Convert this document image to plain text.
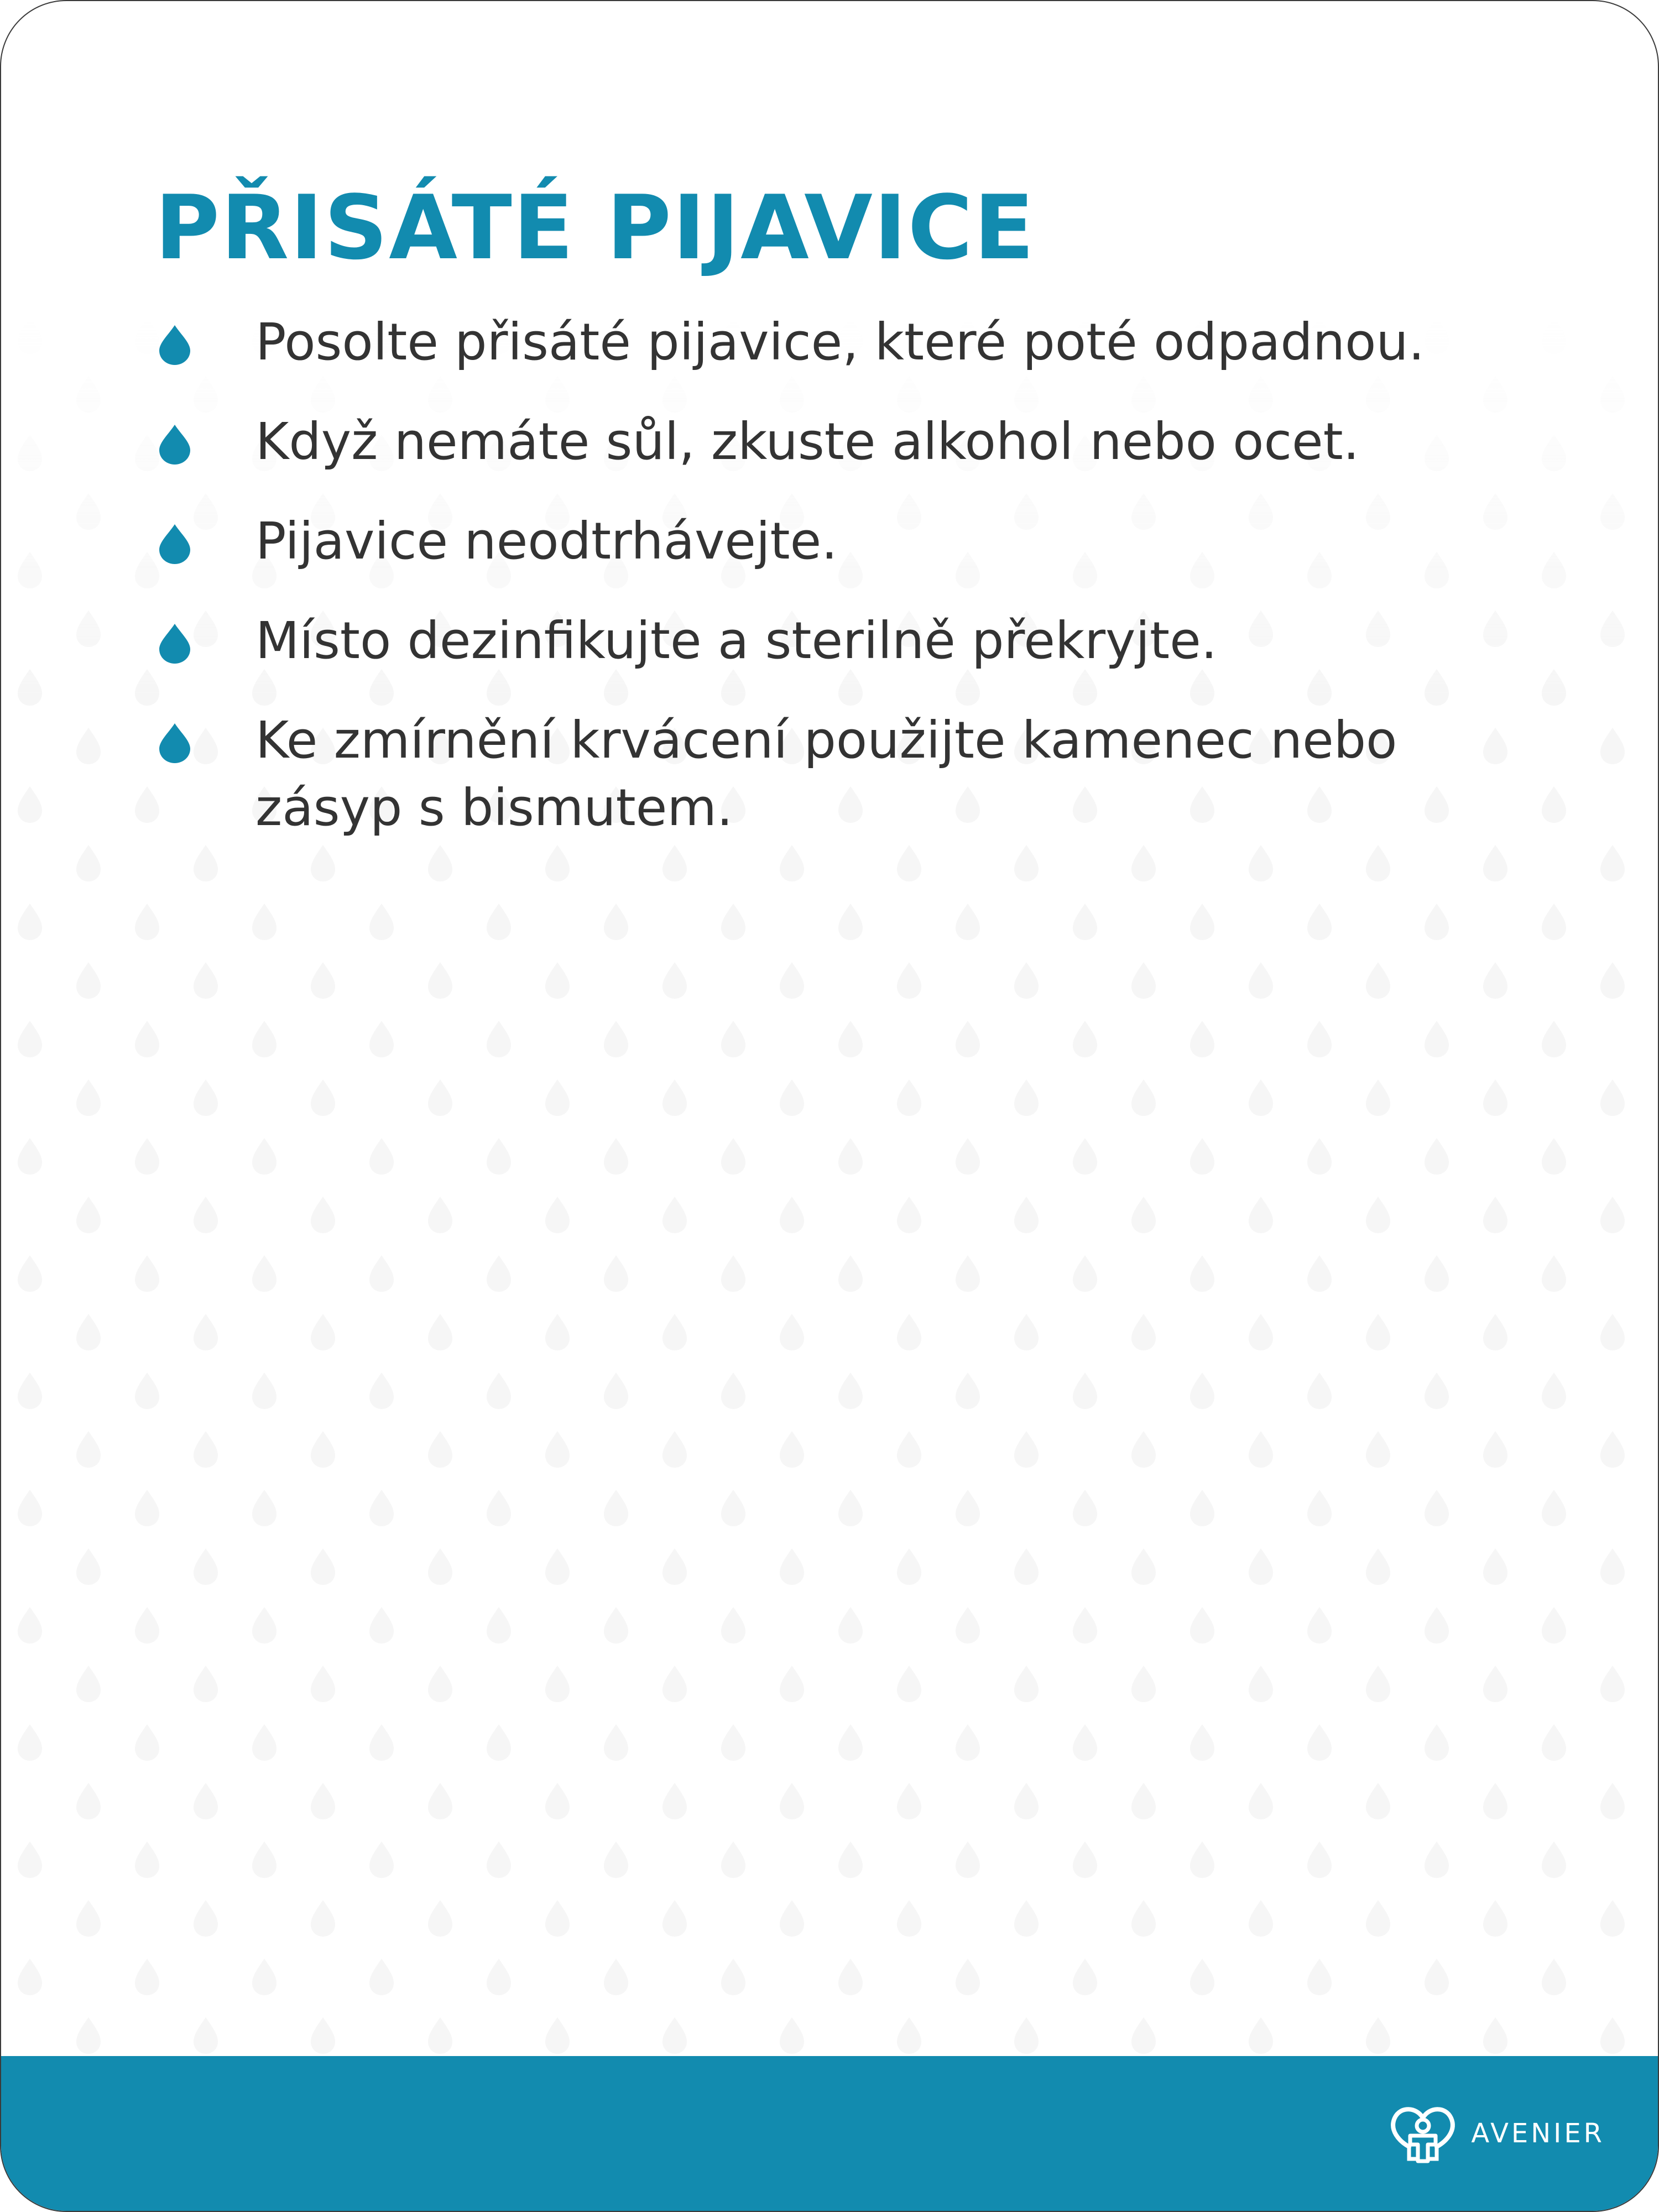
PŘISÁTÉ PIJAVICE
Posolte přisáté pijavice, které poté odpadnou.
Když nemáte sůl, zkuste alkohol nebo ocet.
Pijavice neodtrhávejte.
Místo dezinfikujte a sterilně překryjte.
Ke zmírnění krvácení použijte kamenec nebo zásyp s bismutem.
AVENIER
